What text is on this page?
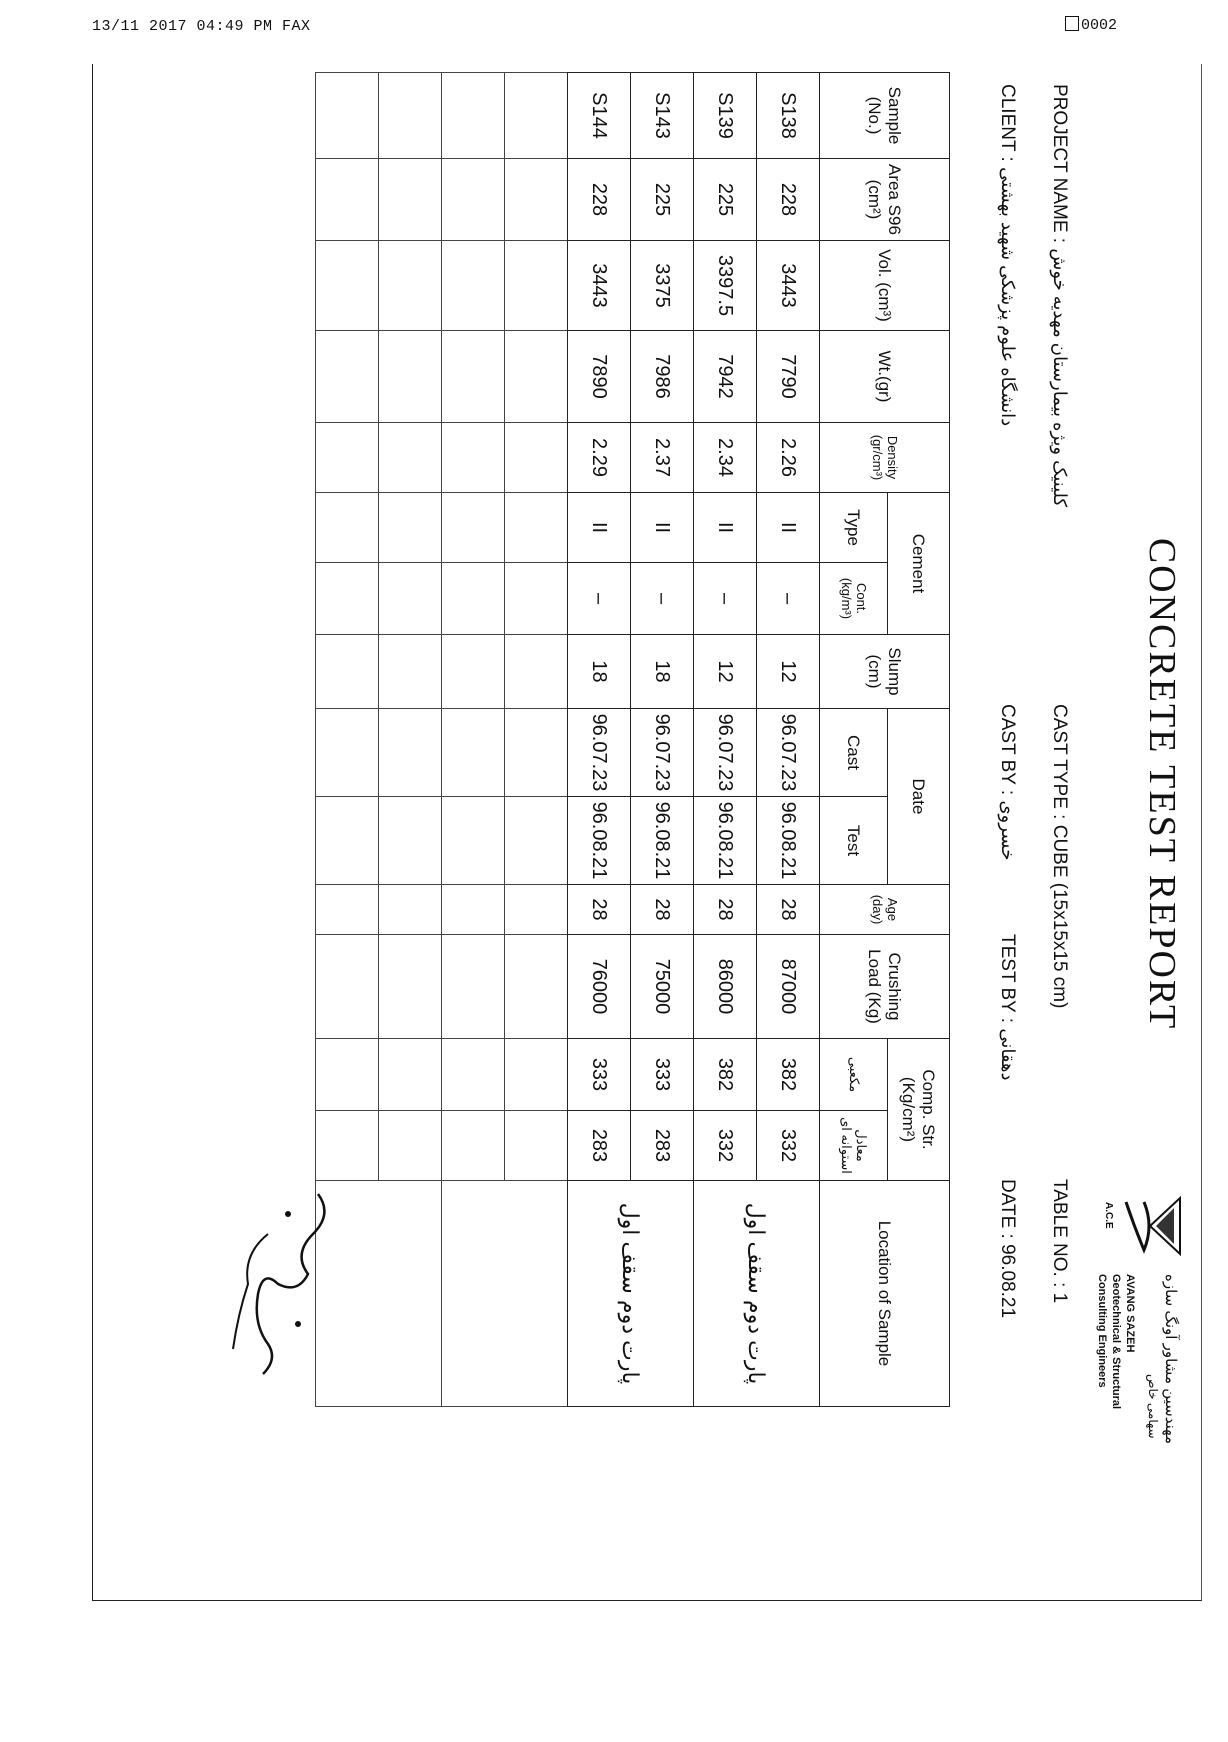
13/11 2017 04:49 PM FAX	0002
CONCRETE TEST REPORT
PROJECT NAME : کلینیک ویژه بیمارستان مهدیه خوش
CLIENT : دانشگاه علوم پزشکی شهید بهشتی
CAST TYPE : CUBE (15x15x15 cm)
CAST BY : خسروی
TEST BY : دهقانی
DATE : 96.08.21 TABLE NO. : 1	A.C.E
مهندسین مشاور آونگ سازه
سهامی خاص
AVANG SAZEH
Geotechnical & Structural
Consulting Engineers
Sample (No.)	Area S96 (cm²)	Vol. (cm³)	Wt.(gr)	Density (gr/cm³)	Cement		Slump (cm)	Date		Age (day)	Crushing Load (Kg)	Comp. Str. (Kg/cm²)		Location of Sample
					Type	Cont. (kg/m³)		Cast	Test			مکعبی	معادل استوانه ای	
S138	228	3443	7790	2.26	II	–	12	96.07.23	96.08.21	28	87000	382	332	پارت دوم سقف اول
S139	225	3397.5	7942	2.34	II	–	12	96.07.23	96.08.21	28	86000	382	332	
S143	225	3375	7986	2.37	II	–	18	96.07.23	96.08.21	28	75000	333	283	پارت دوم سقف اول
S144	228	3443	7890	2.29	II	–	18	96.07.23	96.08.21	28	76000	333	283	
